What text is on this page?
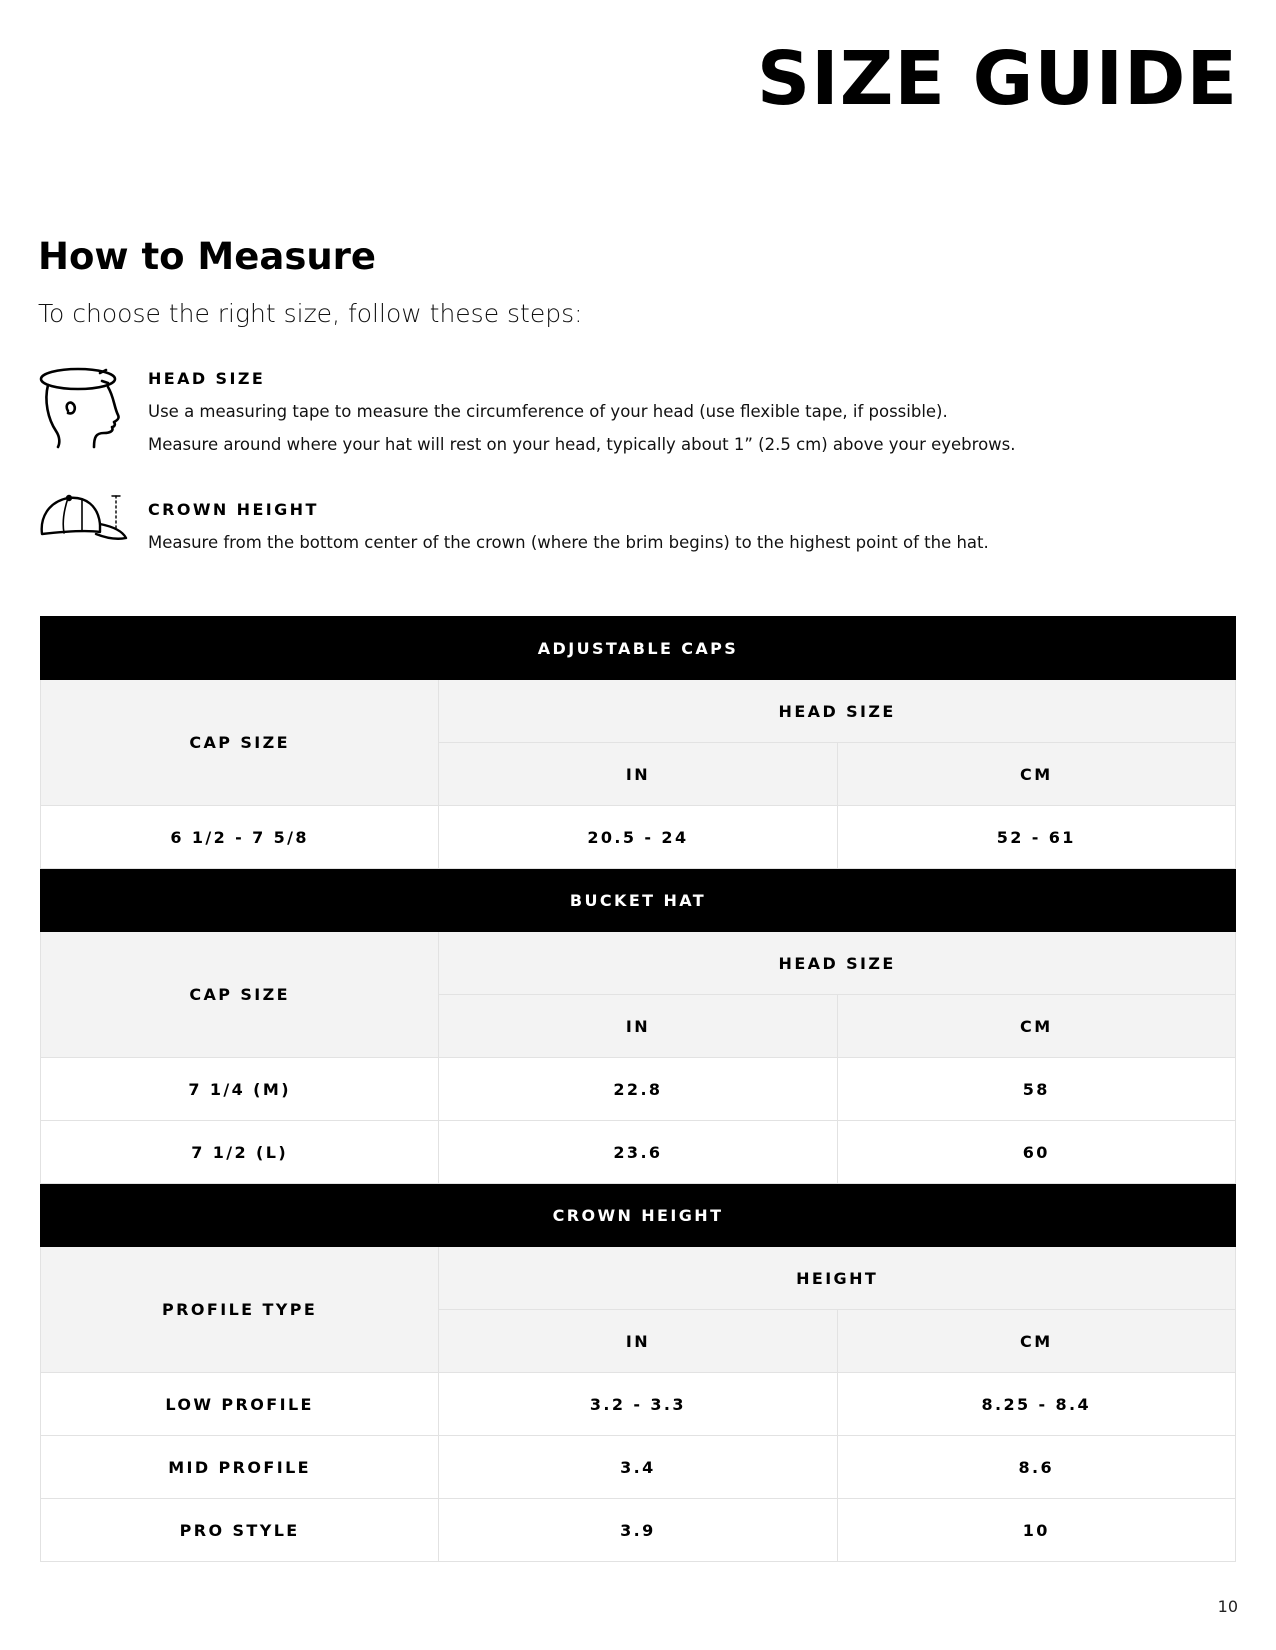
SIZE GUIDE
How to Measure
To choose the right size, follow these steps:
HEAD SIZE
Use a measuring tape to measure the circumference of your head (use flexible tape, if possible).
Measure around where your hat will rest on your head, typically about 1” (2.5 cm) above your eyebrows.
CROWN HEIGHT
Measure from the bottom center of the crown (where the brim begins) to the highest point of the hat.
ADJUSTABLE CAPS		
CAP SIZE	HEAD SIZE	
	IN	CM
6 1/2 - 7 5/8	20.5 - 24	52 - 61
BUCKET HAT		
CAP SIZE	HEAD SIZE	
	IN	CM
7 1/4 (M)	22.8	58
7 1/2 (L)	23.6	60
CROWN HEIGHT		
PROFILE TYPE	HEIGHT	
	IN	CM
LOW PROFILE	3.2 - 3.3	8.25 - 8.4
MID PROFILE	3.4	8.6
PRO STYLE	3.9	10
10
